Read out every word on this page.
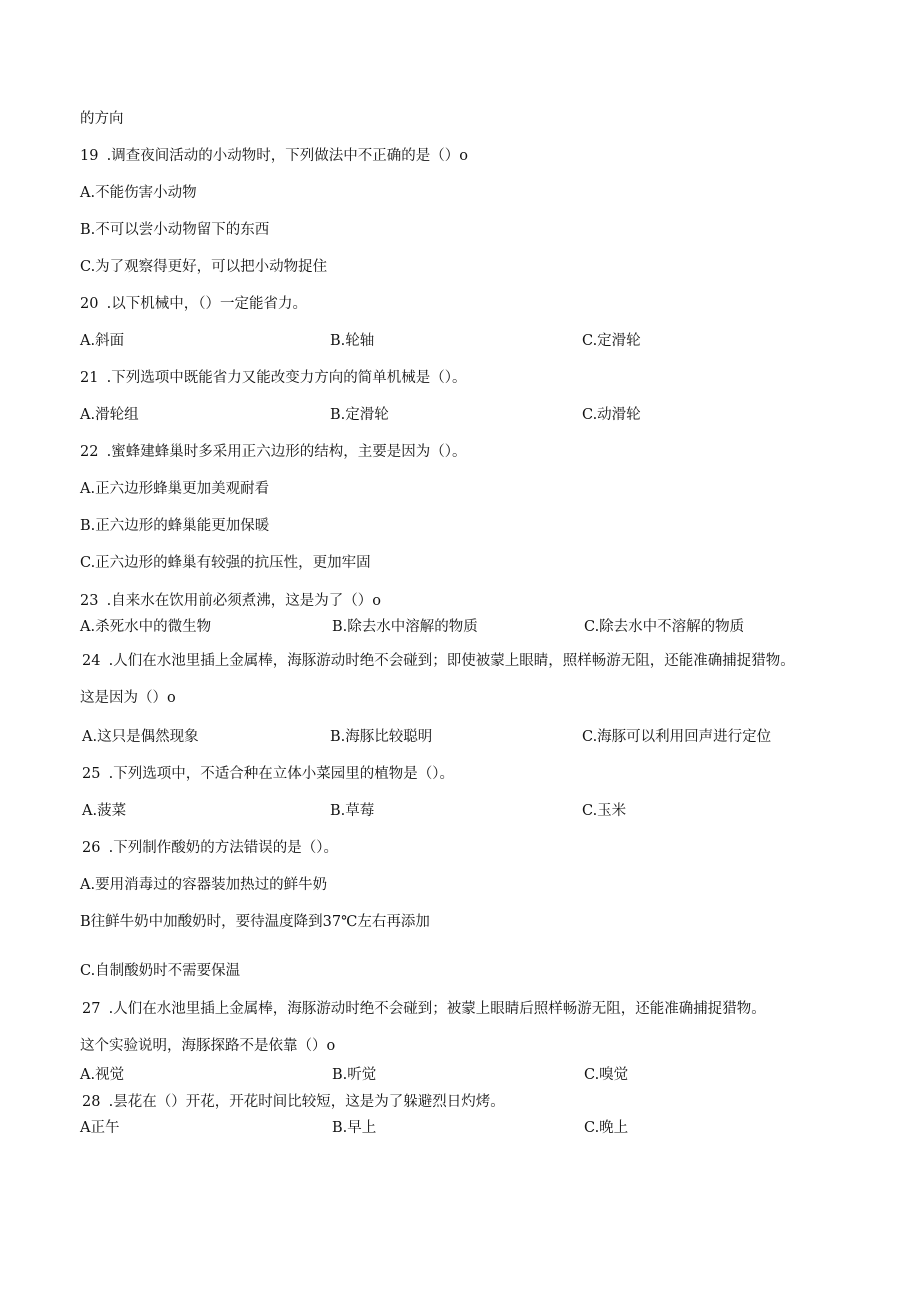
的方向
19 .调查夜间活动的小动物时，下列做法中不正确的是（）o
A.不能伤害小动物
B.不可以尝小动物留下的东西
C.为了观察得更好，可以把小动物捉住
20 .以下机械中，（）一定能省力。
A.斜面	B.轮轴	C.定滑轮
21 .下列选项中既能省力又能改变力方向的简单机械是（）。
A.滑轮组	B.定滑轮	C.动滑轮
22 .蜜蜂建蜂巢时多采用正六边形的结构，主要是因为（）。
A.正六边形蜂巢更加美观耐看
B.正六边形的蜂巢能更加保暖
C.正六边形的蜂巢有较强的抗压性，更加牢固
23 .自来水在饮用前必须煮沸，这是为了（）o
A.杀死水中的微生物	B.除去水中溶解的物质	C.除去水中不溶解的物质
24 .人们在水池里插上金属棒，海豚游动时绝不会碰到；即使被蒙上眼睛，照样畅游无阻，还能准确捕捉猎物。
这是因为（）o
A.这只是偶然现象	B.海豚比较聪明	C.海豚可以利用回声进行定位
25 .下列选项中，不适合种在立体小菜园里的植物是（）。
A.菠菜	B.草莓	C.玉米
26 .下列制作酸奶的方法错误的是（）。
A.要用消毒过的容器装加热过的鲜牛奶
B往鲜牛奶中加酸奶时，要待温度降到37℃左右再添加
C.自制酸奶时不需要保温
27 .人们在水池里插上金属棒，海豚游动时绝不会碰到；被蒙上眼睛后照样畅游无阻，还能准确捕捉猎物。
这个实验说明，海豚探路不是依靠（）o
A.视觉	B.听觉	C.嗅觉
28 .昙花在（）开花，开花时间比较短，这是为了躲避烈日灼烤。
A正午	B.早上	C.晚上
